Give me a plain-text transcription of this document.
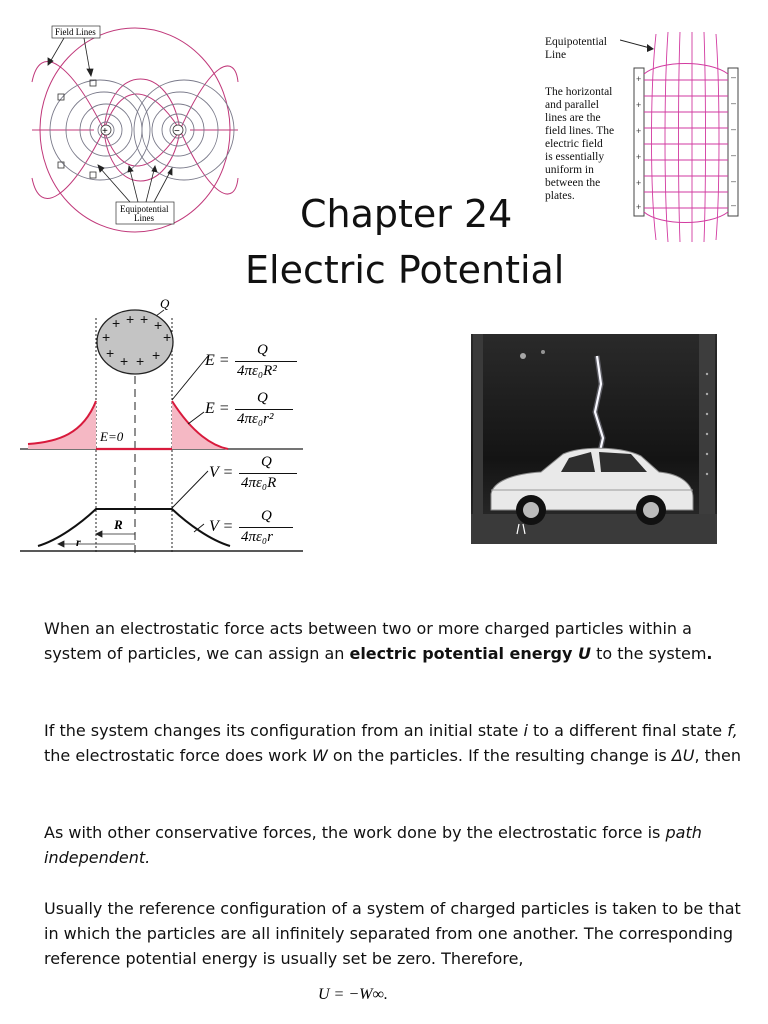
+	−
Field Lines
Equipotential
Lines
Equipotential
Line
The horizontal
and parallel
lines are the
field lines. The
electric field
is essentially
uniform in
between the
plates.
+
+
+
+
+
+
–
–
–
–
–
–
Chapter 24
Electric Potential
+ + + +
+	+
+ + + +
Q
E=0
R
r
E =
Q
4πε₀R²
E =
Q
4πε₀r²
V =
Q
4πε₀R
V =
Q
4πε₀r
When an electrostatic force acts between two or more charged particles within a system of particles, we can assign an electric potential energy U to the system.
If the system changes its configuration from an initial state i to a different final state f, the electrostatic force does work W on the particles. If the resulting change is ΔU, then
As with other conservative forces, the work done by the electrostatic force is path independent.
Usually the reference configuration of a system of charged particles is taken to be that in which the particles are all infinitely separated from one another. The corresponding reference potential energy is usually set be zero. Therefore,
U = −W∞.
